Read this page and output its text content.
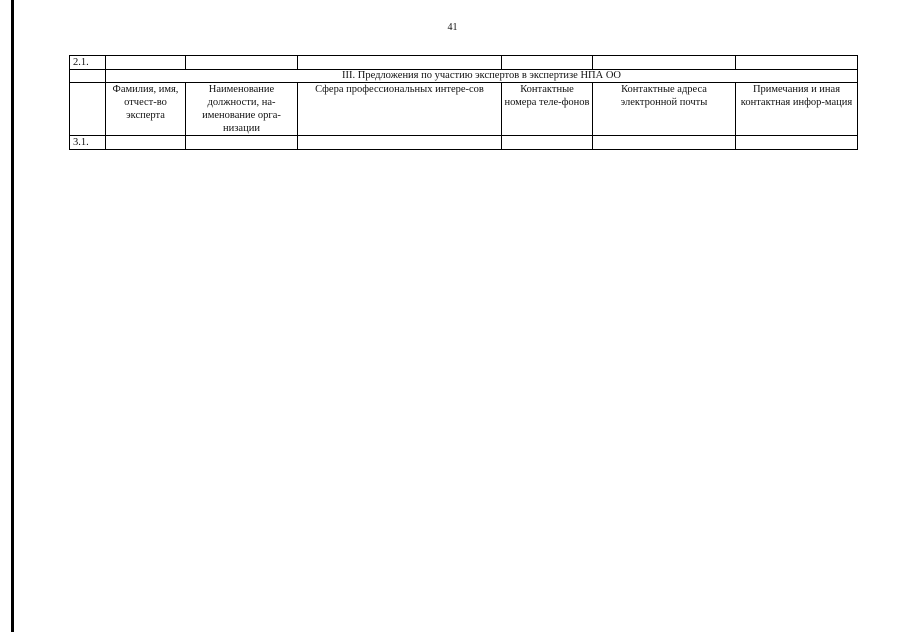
41
2.1.						
	III. Предложения по участию экспертов в экспертизе НПА ОО					
	Фамилия, имя, отчест-во эксперта	Наименование должности, на-именование орга-низации	Сфера профессиональных интере-сов	Контактные номера теле-фонов	Контактные адреса электронной почты	Примечания и иная контактная инфор-мация
3.1.						
